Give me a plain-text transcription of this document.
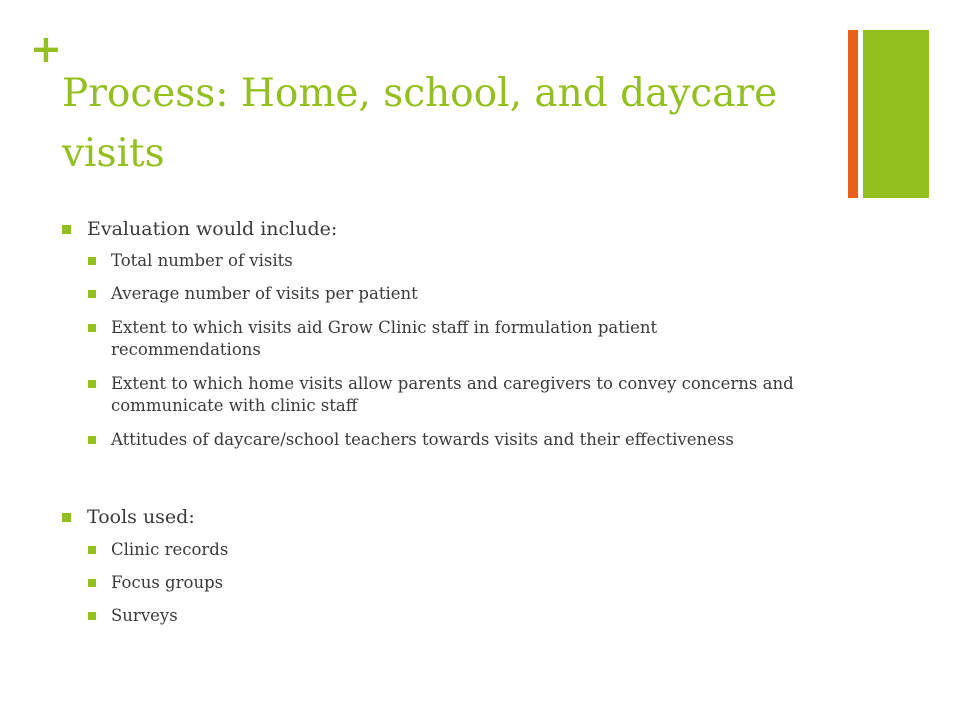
+
Process: Home, school, and daycare visits
Evaluation would include:
Total number of visits
Average number of visits per patient
Extent to which visits aid Grow Clinic staff in formulation patient recommendations
Extent to which home visits allow parents and caregivers to convey concerns and communicate with clinic staff
Attitudes of daycare/school teachers towards visits and their effectiveness
Tools used:
Clinic records
Focus groups
Surveys
